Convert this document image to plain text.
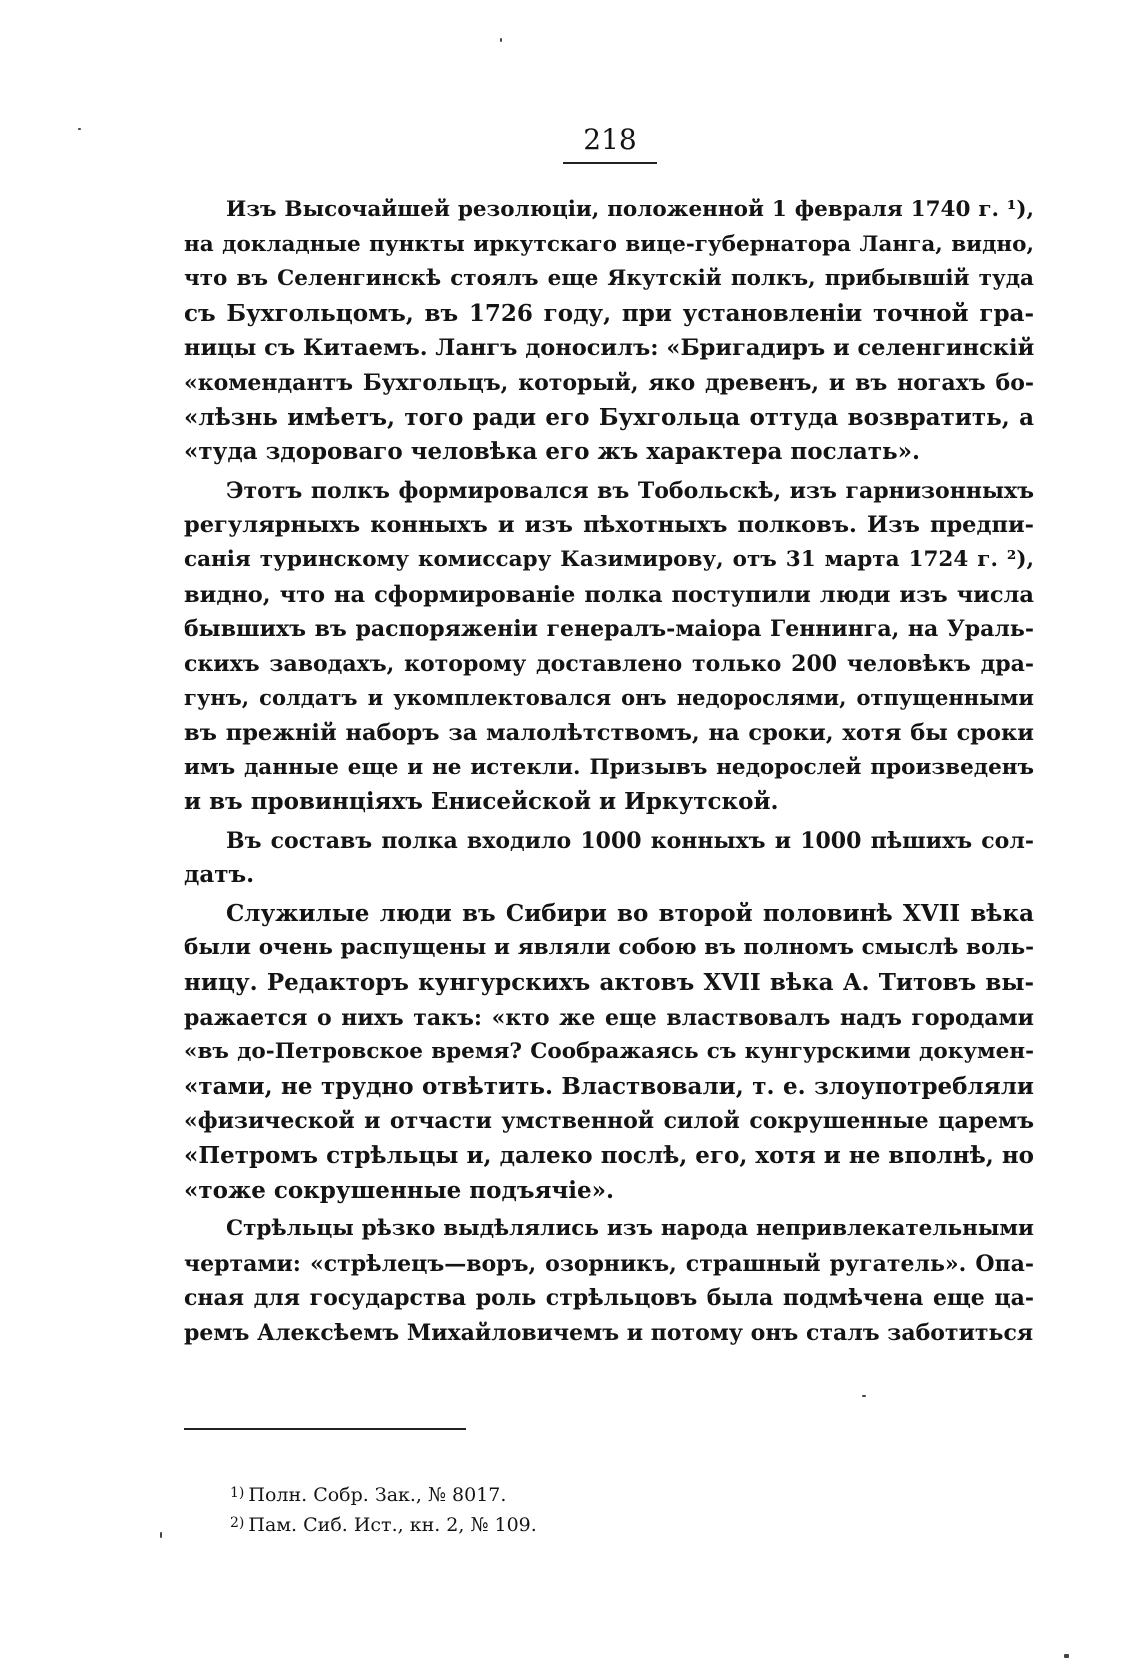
218
Изъ Высочайшей резолюціи, положенной 1 февраля 1740 г. ¹),
на докладные пункты иркутскаго вице-губернатора Ланга, видно,
что въ Селенгинскѣ стоялъ еще Якутскій полкъ, прибывшій туда
съ Бухгольцомъ, въ 1726 году, при установленіи точной гра-
ницы съ Китаемъ. Лангъ доносилъ: «Бригадиръ и селенгинскій
«комендантъ Бухгольцъ, который, яко древенъ, и въ ногахъ бо-
«лѣзнь имѣетъ, того ради его Бухгольца оттуда возвратить, а
«туда здороваго человѣка его жъ характера послать».
Этотъ полкъ формировался въ Тобольскѣ, изъ гарнизонныхъ
регулярныхъ конныхъ и изъ пѣхотныхъ полковъ. Изъ предпи-
санія туринскому комиссару Казимирову, отъ 31 марта 1724 г. ²),
видно, что на сформированіе полка поступили люди изъ числа
бывшихъ въ распоряженіи генералъ-маіора Геннинга, на Ураль-
скихъ заводахъ, которому доставлено только 200 человѣкъ дра-
гунъ, солдатъ и укомплектовался онъ недорослями, отпущенными
въ прежній наборъ за малолѣтствомъ, на сроки, хотя бы сроки
имъ данные еще и не истекли. Призывъ недорослей произведенъ
и въ провинціяхъ Енисейской и Иркутской.
Въ составъ полка входило 1000 конныхъ и 1000 пѣшихъ сол-
датъ.
Служилые люди въ Сибири во второй половинѣ XVII вѣка
были очень распущены и являли собою въ полномъ смыслѣ воль-
ницу. Редакторъ кунгурскихъ актовъ XVII вѣка А. Титовъ вы-
ражается о нихъ такъ: «кто же еще властвовалъ надъ городами
«въ до-Петровское время? Соображаясь съ кунгурскими докумен-
«тами, не трудно отвѣтить. Властвовали, т. е. злоупотребляли
«физической и отчасти умственной силой сокрушенные царемъ
«Петромъ стрѣльцы и, далеко послѣ, его, хотя и не вполнѣ, но
«тоже сокрушенные подъячіе».
Стрѣльцы рѣзко выдѣлялись изъ народа непривлекательными
чертами: «стрѣлецъ—воръ, озорникъ, страшный ругатель». Опа-
сная для государства роль стрѣльцовъ была подмѣчена еще ца-
ремъ Алексѣемъ Михайловичемъ и потому онъ сталъ заботиться
$^{1)}$ Полн. Собр. Зак., № 8017.
$^{2)}$ Пам. Сиб. Ист., кн. 2, № 109.
